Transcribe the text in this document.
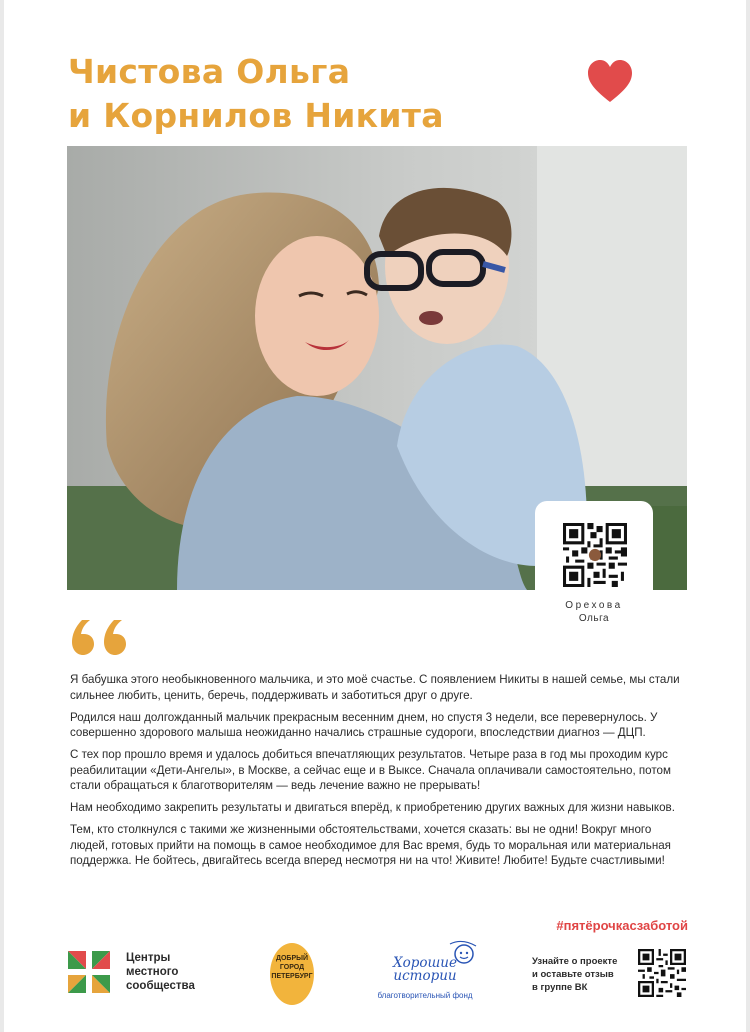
Чистова Ольга
и Корнилов Никита
Орехова
Ольга

Я бабушка этого необыкновенного мальчика, и это моё счастье. С появлением Никиты в нашей семье, мы стали сильнее любить, ценить, беречь, поддерживать и заботиться друг о друге.

Родился наш долгожданный мальчик прекрасным весенним днем, но спустя 3 недели, все перевернулось. У совершенно здорового малыша неожиданно начались страшные судороги, впоследствии диагноз — ДЦП.

С тех пор прошло время и удалось добиться впечатляющих результатов. Четыре раза в год мы проходим курс реабилитации «Дети-Ангелы», в Москве, а сейчас еще и в Выксе. Сначала оплачивали самостоятельно, потом стали обращаться к благотворителям — ведь лечение важно не прерывать!

Нам необходимо закрепить результаты и двигаться вперёд, к приобретению других важных для жизни навыков.

Тем, кто столкнулся с такими же жизненными обстоятельствами, хочется сказать: вы не одни! Вокруг много людей, готовых прийти на помощь в самое необходимое для Вас время, будь то моральная или материальная поддержка. Не бойтесь, двигайтесь всегда вперед несмотря ни на что! Живите! Любите! Будьте счастливыми!

#пятёрочкасзаботой
Центры
местного
сообщества
ДОБРЫЙ
ГОРОД
ПЕТЕРБУРГ
Хорошие
истории
благотворительный фонд
Узнайте о проекте
и оставьте отзыв
в группе ВК
